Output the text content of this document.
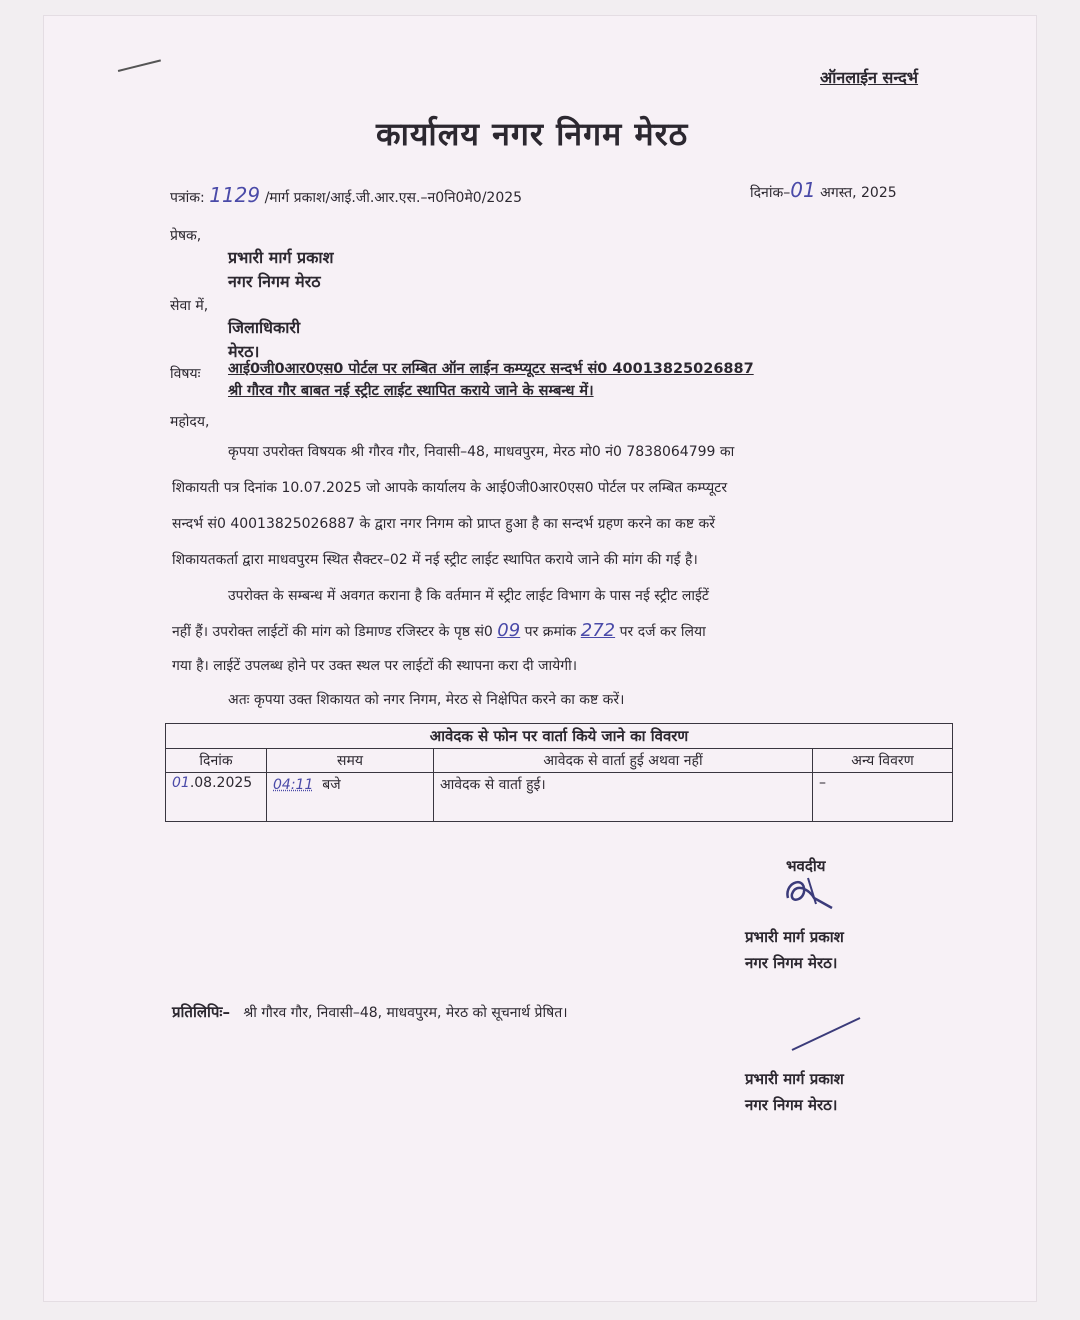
ऑनलाईन सन्दर्भ
कार्यालय नगर निगम मेरठ
पत्रांक: 1129 /मार्ग प्रकाश/आई.जी.आर.एस.–न0नि0मे0/2025	दिनांक–01 अगस्त, 2025
प्रेषक,
प्रभारी मार्ग प्रकाश
नगर निगम मेरठ
सेवा में,
जिलाधिकारी
मेरठ।
विषयः आई0जी0आर0एस0 पोर्टल पर लम्बित ऑन लाईन कम्प्यूटर सन्दर्भ सं0 40013825026887
श्री गौरव गौर बाबत नई स्ट्रीट लाईट स्थापित कराये जाने के सम्बन्ध में।
महोदय,
कृपया उपरोक्त विषयक श्री गौरव गौर, निवासी–48, माधवपुरम, मेरठ मो0 नं0 7838064799 का
शिकायती पत्र दिनांक 10.07.2025 जो आपके कार्यालय के आई0जी0आर0एस0 पोर्टल पर लम्बित कम्प्यूटर
सन्दर्भ सं0 40013825026887 के द्वारा नगर निगम को प्राप्त हुआ है का सन्दर्भ ग्रहण करने का कष्ट करें
शिकायतकर्ता द्वारा माधवपुरम स्थित सैक्टर–02 में नई स्ट्रीट लाईट स्थापित कराये जाने की मांग की गई है।
उपरोक्त के सम्बन्ध में अवगत कराना है कि वर्तमान में स्ट्रीट लाईट विभाग के पास नई स्ट्रीट लाईटें
नहीं हैं। उपरोक्त लाईटों की मांग को डिमाण्ड रजिस्टर के पृष्ठ सं0 09 पर क्रमांक 272 पर दर्ज कर लिया
गया है। लाईटें उपलब्ध होने पर उक्त स्थल पर लाईटों की स्थापना करा दी जायेगी।
अतः कृपया उक्त शिकायत को नगर निगम, मेरठ से निक्षेपित करने का कष्ट करें।
आवेदक से फोन पर वार्ता किये जाने का विवरण			
दिनांक	समय	आवेदक से वार्ता हुई अथवा नहीं	अन्य विवरण
01.08.2025	04:11 बजे	आवेदक से वार्ता हुई।	–
भवदीय
प्रभारी मार्ग प्रकाश
नगर निगम मेरठ।
प्रतिलिपिः– श्री गौरव गौर, निवासी–48, माधवपुरम, मेरठ को सूचनार्थ प्रेषित।
प्रभारी मार्ग प्रकाश
नगर निगम मेरठ।
